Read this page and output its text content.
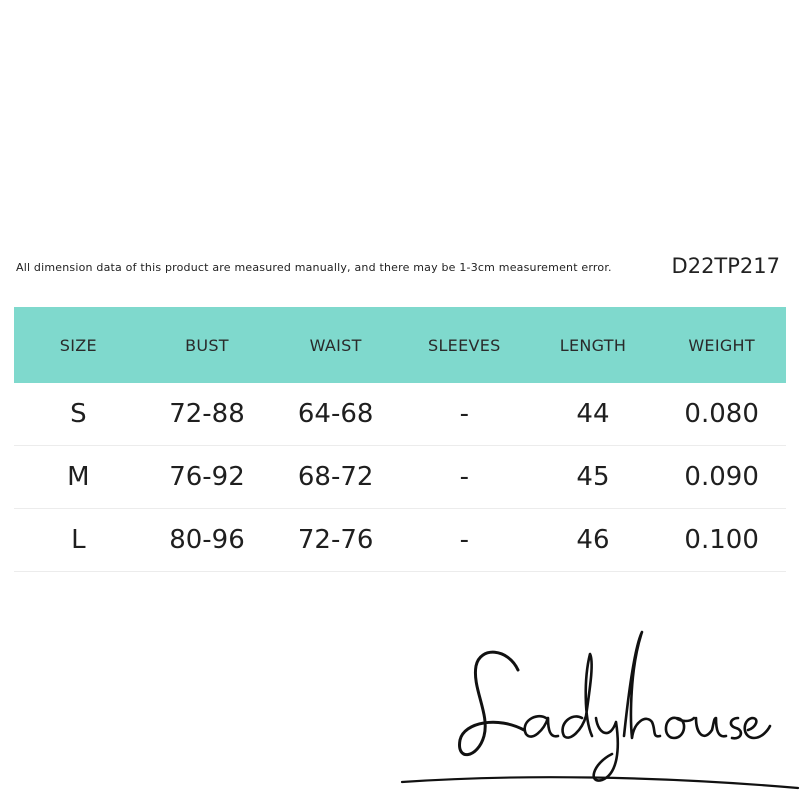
All dimension data of this product are measured manually, and there may be 1-3cm measurement error.	D22TP217
SIZE	BUST	WAIST	SLEEVES	LENGTH	WEIGHT
S	72-88	64-68	-	44	0.080
M	76-92	68-72	-	45	0.090
L	80-96	72-76	-	46	0.100
